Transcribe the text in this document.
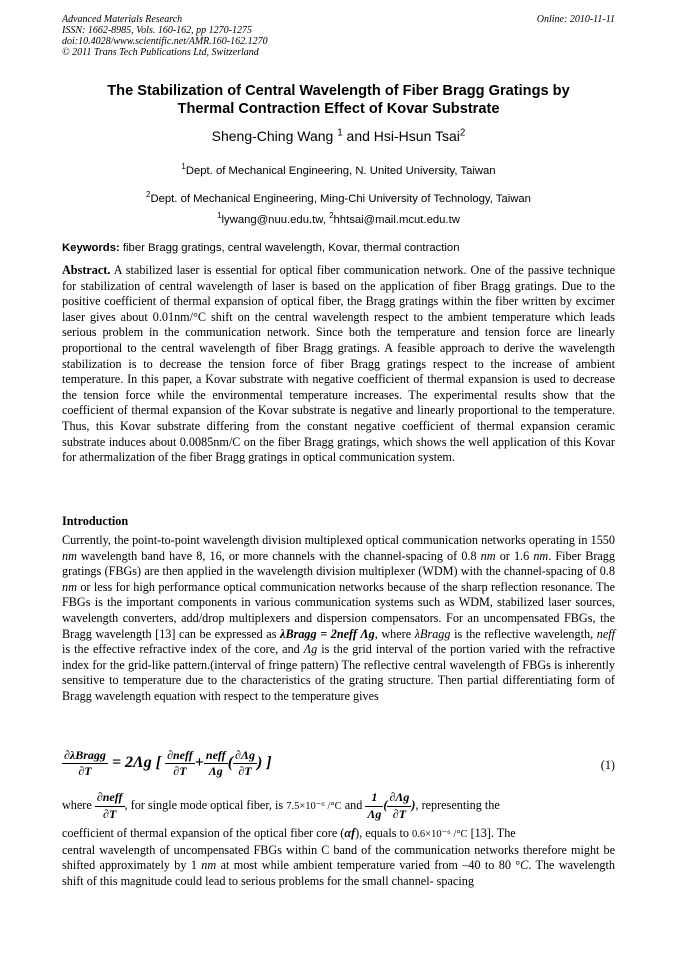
Advanced Materials Research
ISSN: 1662-8985, Vols. 160-162, pp 1270-1275
doi:10.4028/www.scientific.net/AMR.160-162.1270
© 2011 Trans Tech Publications Ltd, Switzerland
Online: 2010-11-11
The Stabilization of Central Wavelength of Fiber Bragg Gratings by
Thermal Contraction Effect of Kovar Substrate
Sheng-Ching Wang $^1$ and Hsi-Hsun Tsai$^2$
$^1$Dept. of Mechanical Engineering, N. United University, Taiwan
$^2$Dept. of Mechanical Engineering, Ming-Chi University of Technology, Taiwan
$^1$lywang@nuu.edu.tw, $^2$hhtsai@mail.mcut.edu.tw
Keywords: fiber Bragg gratings, central wavelength, Kovar, thermal contraction
Abstract. A stabilized laser is essential for optical fiber communication network. One of the passive technique for stabilization of central wavelength of laser is based on the application of fiber Bragg gratings. Due to the positive coefficient of thermal expansion of optical fiber, the Bragg gratings within the fiber written by excimer laser gives about 0.01nm/°C shift on the central wavelength respect to the ambient temperature which leads serious problem in the communication network. Since both the temperature and tension force are linearly proportional to the central wavelength of fiber Bragg gratings. A feasible approach to derive the wavelength stabilization is to decrease the tension force of fiber Bragg gratings respect to the increase of ambient temperature. In this paper, a Kovar substrate with negative coefficient of thermal expansion is used to decrease the tension force while the environmental temperature increases. The experimental results show that the coefficient of thermal expansion of the Kovar substrate is negative and linearly proportional to the temperature. Thus, this Kovar substrate differing from the constant negative coefficient of thermal expansion ceramic substrate induces about 0.0085nm/C on the fiber Bragg gratings, which shows the well application of this Kovar for athermalization of the fiber Bragg gratings in optical communication system.
Introduction
Currently, the point-to-point wavelength division multiplexed optical communication networks operating in 1550 nm wavelength band have 8, 16, or more channels with the channel-spacing of 0.8 nm or 1.6 nm. Fiber Bragg gratings (FBGs) are then applied in the wavelength division multiplexer (WDM) with the channel-spacing of 0.8 nm or less for high performance optical communication networks because of the sharp reflection resonance. The FBGs is the important components in various communication systems such as WDM, stabilized laser sources, wavelength converters, add/drop multiplexers and dispersion compensators. For an uncompensated FBGs, the Bragg wavelength [13] can be expressed as λBragg = 2neff Λg, where λBragg is the reflective wavelength, neff is the effective refractive index of the core, and Λg is the grid interval of the portion varied with the refractive index for the grid-like pattern.(interval of fringe pattern) The reflective central wavelength of FBGs is inherently sensitive to temperature due to the characteristics of the grating structure. Then partial differentiating form of Bragg wavelength equation with respect to the temperature gives
$\frac{\text{∂λBragg}}{\partial T} = 2\Lambda g$ [ $\frac{\text{∂neff}}{\partial T} + \frac{\text{neff}}{\Lambda g}$ ( $\frac{\partial\Lambda g}{\partial T}$ ) ]	(1)
where $\frac{\text{∂neff}}{\partial T}$ , for single mode optical fiber, is 7.5×10⁻⁶ /°C and $\frac{1}{\Lambda g}$ ( $\frac{\partial\Lambda g}{\partial T}$ ), representing the
coefficient of thermal expansion of the optical fiber core (αf), equals to 0.6×10⁻⁶ /°C [13]. The
central wavelength of uncompensated FBGs within C band of the communication networks therefore might be shifted approximately by 1 nm at most while ambient temperature varied from –40 to 80 °C. The wavelength shift of this magnitude could lead to serious problems for the small channel- spacing
